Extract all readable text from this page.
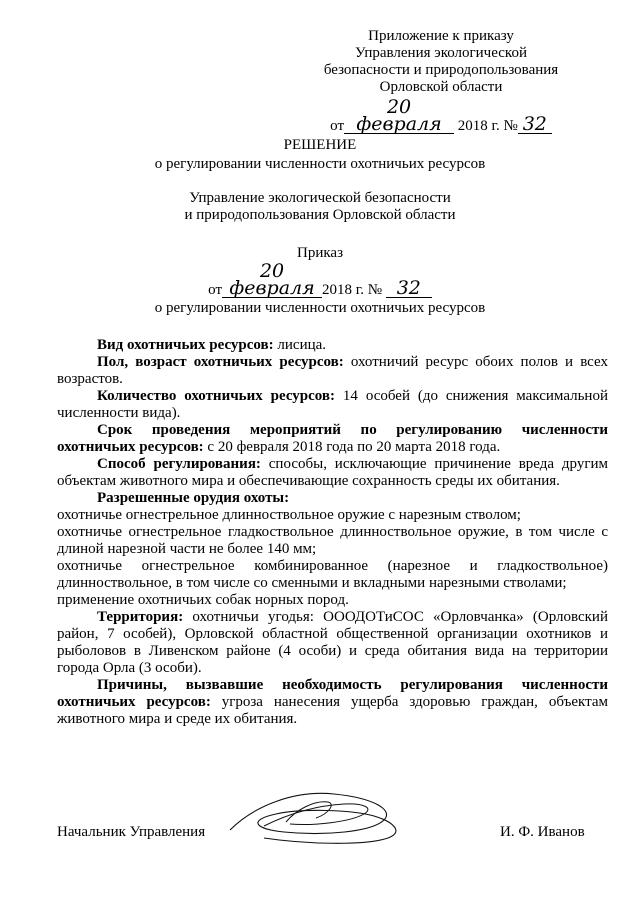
Приложение к приказу
Управления экологической
безопасности и природопользования
Орловской области
от20 февраля 2018 г. № 32
РЕШЕНИЕ
о регулировании численности охотничьих ресурсов
Управление экологической безопасности
и природопользования Орловской области
Приказ
от20 февраля 2018 г. № 32
о регулировании численности охотничьих ресурсов

Вид охотничьих ресурсов: лисица.

Пол, возраст охотничьих ресурсов: охотничий ресурс обоих полов и всех возрастов.

Количество охотничьих ресурсов: 14 особей (до снижения максимальной численности вида).

Срок проведения мероприятий по регулированию численности охотничьих ресурсов: с 20 февраля 2018 года по 20 марта 2018 года.

Способ регулирования: способы, исключающие причинение вреда другим объектам животного мира и обеспечивающие сохранность среды их обитания.

Разрешенные орудия охоты:

охотничье огнестрельное длинноствольное оружие с нарезным стволом;

охотничье огнестрельное гладкоствольное длинноствольное оружие, в том числе с длиной нарезной части не более 140 мм;

охотничье огнестрельное комбинированное (нарезное и гладкоствольное) длинноствольное, в том числе со сменными и вкладными нарезными стволами;

применение охотничьих собак норных пород.

Территория: охотничьи угодья: ОООДОТиСОС «Орловчанка» (Орловский район, 7 особей), Орловской областной общественной организации охотников и рыболовов в Ливенском районе (4 особи) и среда обитания вида на территории города Орла (3 особи).

Причины, вызвавшие необходимость регулирования численности охотничьих ресурсов: угроза нанесения ущерба здоровью граждан, объектам животного мира и среде их обитания.

Начальник Управления	И. Ф. Иванов
